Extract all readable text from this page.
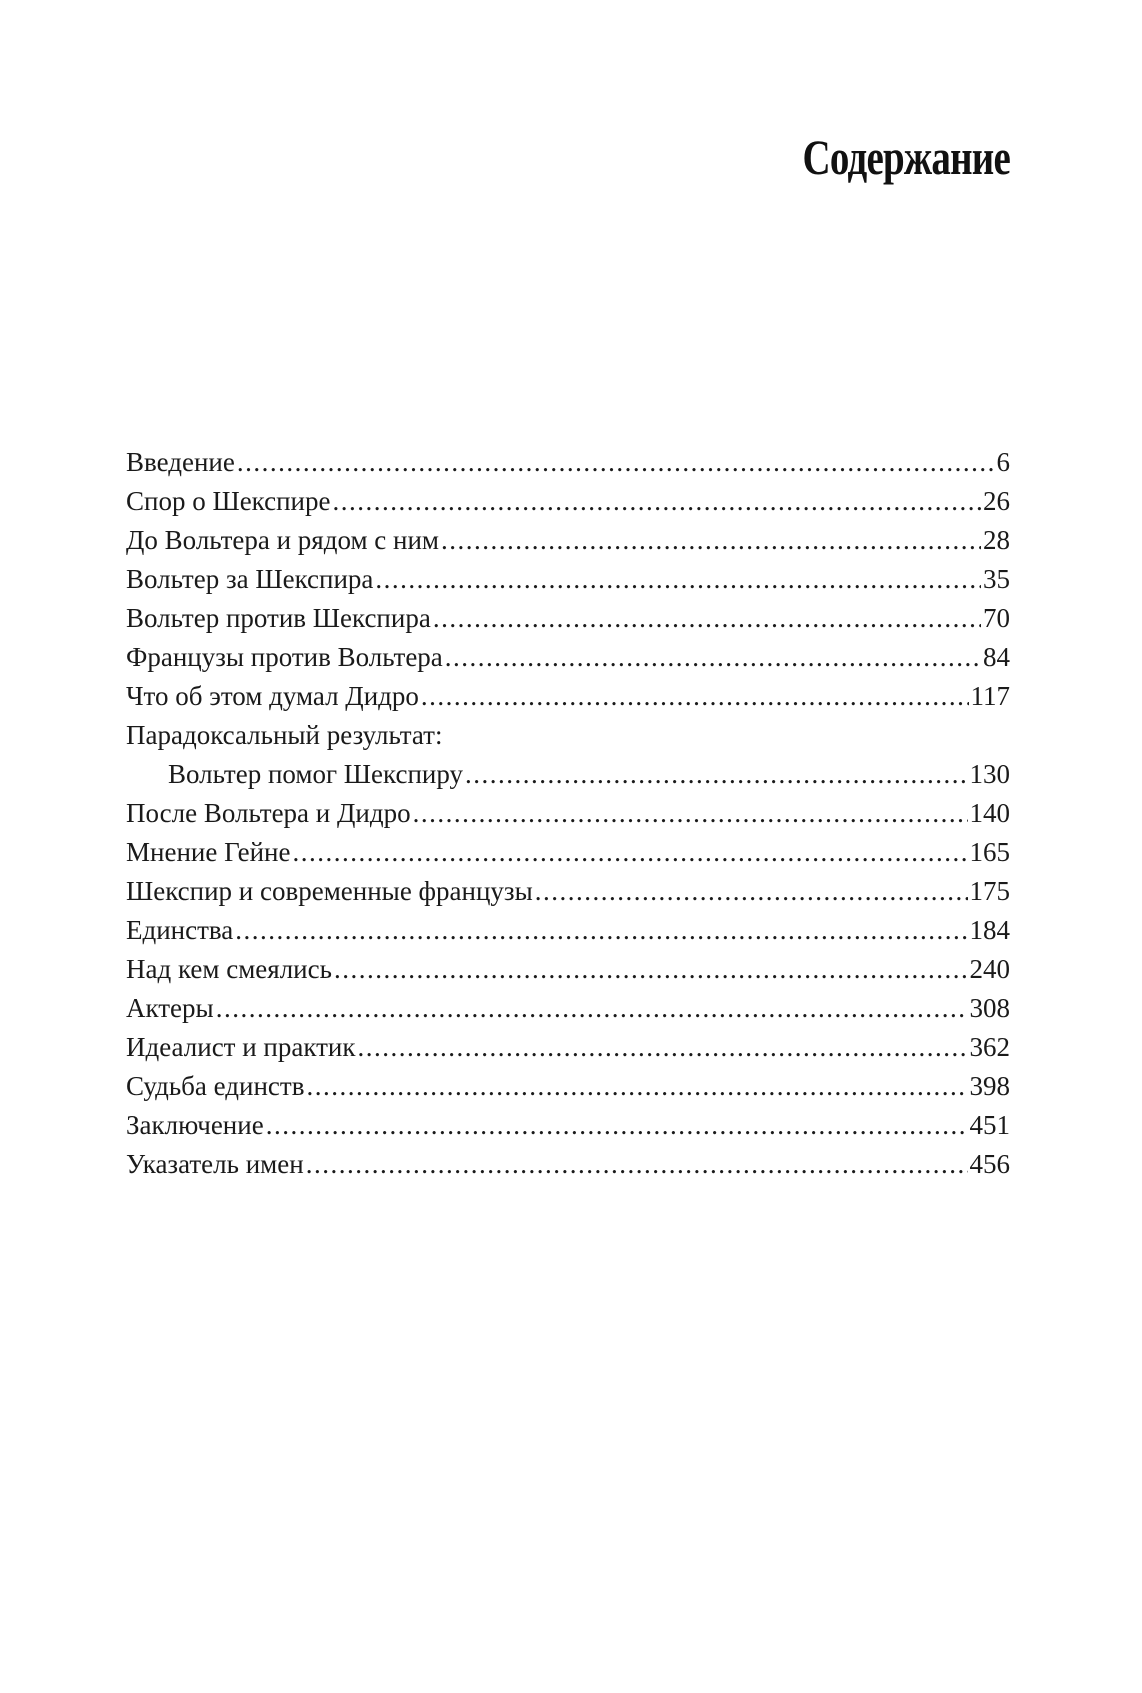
Содержание
Введение .....	6
Спор о Шекспире .....	26
До Вольтера и рядом с ним .....	28
Вольтер за Шекспира .....	35
Вольтер против Шекспира .....	70
Французы против Вольтера .....	84
Что об этом думал Дидро .....	117
Парадоксальный результат:
Вольтер помог Шекспиру .....	130
После Вольтера и Дидро .....	140
Мнение Гейне .....	165
Шекспир и современные французы .....	175
Единства .....	184
Над кем смеялись .....	240
Актеры .....	308
Идеалист и практик .....	362
Судьба единств .....	398
Заключение .....	451
Указатель имен .....	456
